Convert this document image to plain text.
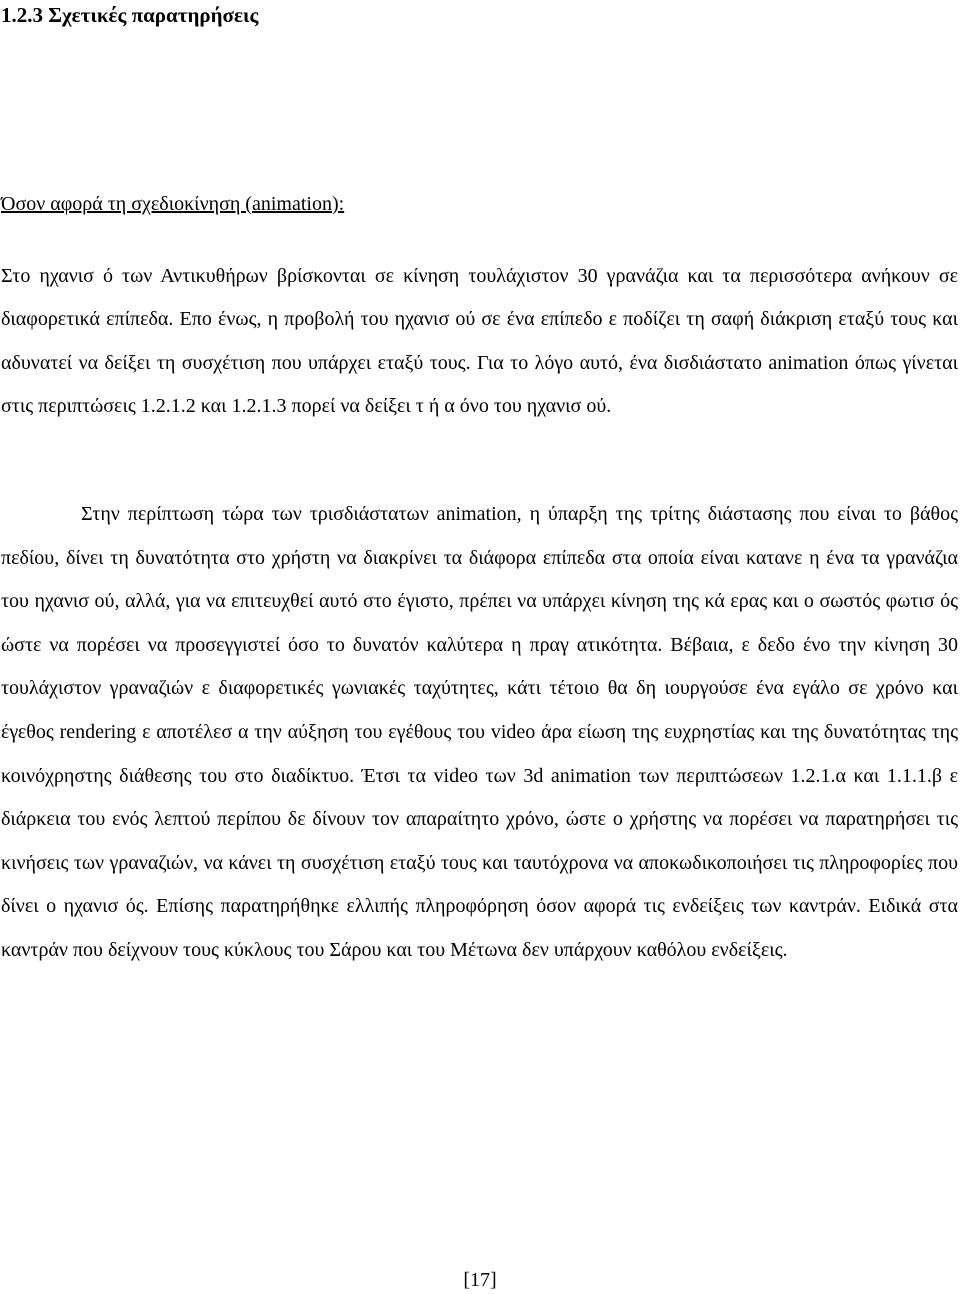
1.2.3 Σχετικές παρατηρήσεις

Όσον αφορά τη σχεδιοκίνηση (animation):

Στο ηχανισ ό των Αντικυθήρων βρίσκονται σε κίνηση τουλάχιστον 30 γρανάζια και τα περισσότερα ανήκουν σε διαφορετικά επίπεδα. Επο ένως, η προβολή του ηχανισ ού σε ένα επίπεδο ε ποδίζει τη σαφή διάκριση εταξύ τους και αδυνατεί να δείξει τη συσχέτιση που υπάρχει εταξύ τους. Για το λόγο αυτό, ένα δισδιάστατο animation όπως γίνεται στις περιπτώσεις 1.2.1.2 και 1.2.1.3 πορεί να δείξει τ ή α όνο του ηχανισ ού.

Στην περίπτωση τώρα των τρισδιάστατων animation, η ύπαρξη της τρίτης διάστασης που είναι το βάθος πεδίου, δίνει τη δυνατότητα στο χρήστη να διακρίνει τα διάφορα επίπεδα στα οποία είναι κατανε η ένα τα γρανάζια του ηχανισ ού, αλλά, για να επιτευχθεί αυτό στο έγιστο, πρέπει να υπάρχει κίνηση της κά ερας και ο σωστός φωτισ ός ώστε να πορέσει να προσεγγιστεί όσο το δυνατόν καλύτερα η πραγ ατικότητα. Βέβαια, ε δεδο ένο την κίνηση 30 τουλάχιστον γραναζιών ε διαφορετικές γωνιακές ταχύτητες, κάτι τέτοιο θα δη ιουργούσε ένα εγάλο σε χρόνο και έγεθος rendering ε αποτέλεσ α την αύξηση του εγέθους του video άρα είωση της ευχρηστίας και της δυνατότητας της κοινόχρηστης διάθεσης του στο διαδίκτυο. Έτσι τα video των 3d animation των περιπτώσεων 1.2.1.α και 1.1.1.β ε διάρκεια του ενός λεπτού περίπου δε δίνουν τον απαραίτητο χρόνο, ώστε ο χρήστης να πορέσει να παρατηρήσει τις κινήσεις των γραναζιών, να κάνει τη συσχέτιση εταξύ τους και ταυτόχρονα να αποκωδικοποιήσει τις πληροφορίες που δίνει ο ηχανισ ός. Επίσης παρατηρήθηκε ελλιπής πληροφόρηση όσον αφορά τις ενδείξεις των καντράν. Ειδικά στα καντράν που δείχνουν τους κύκλους του Σάρου και του Μέτωνα δεν υπάρχουν καθόλου ενδείξεις.

[17]
